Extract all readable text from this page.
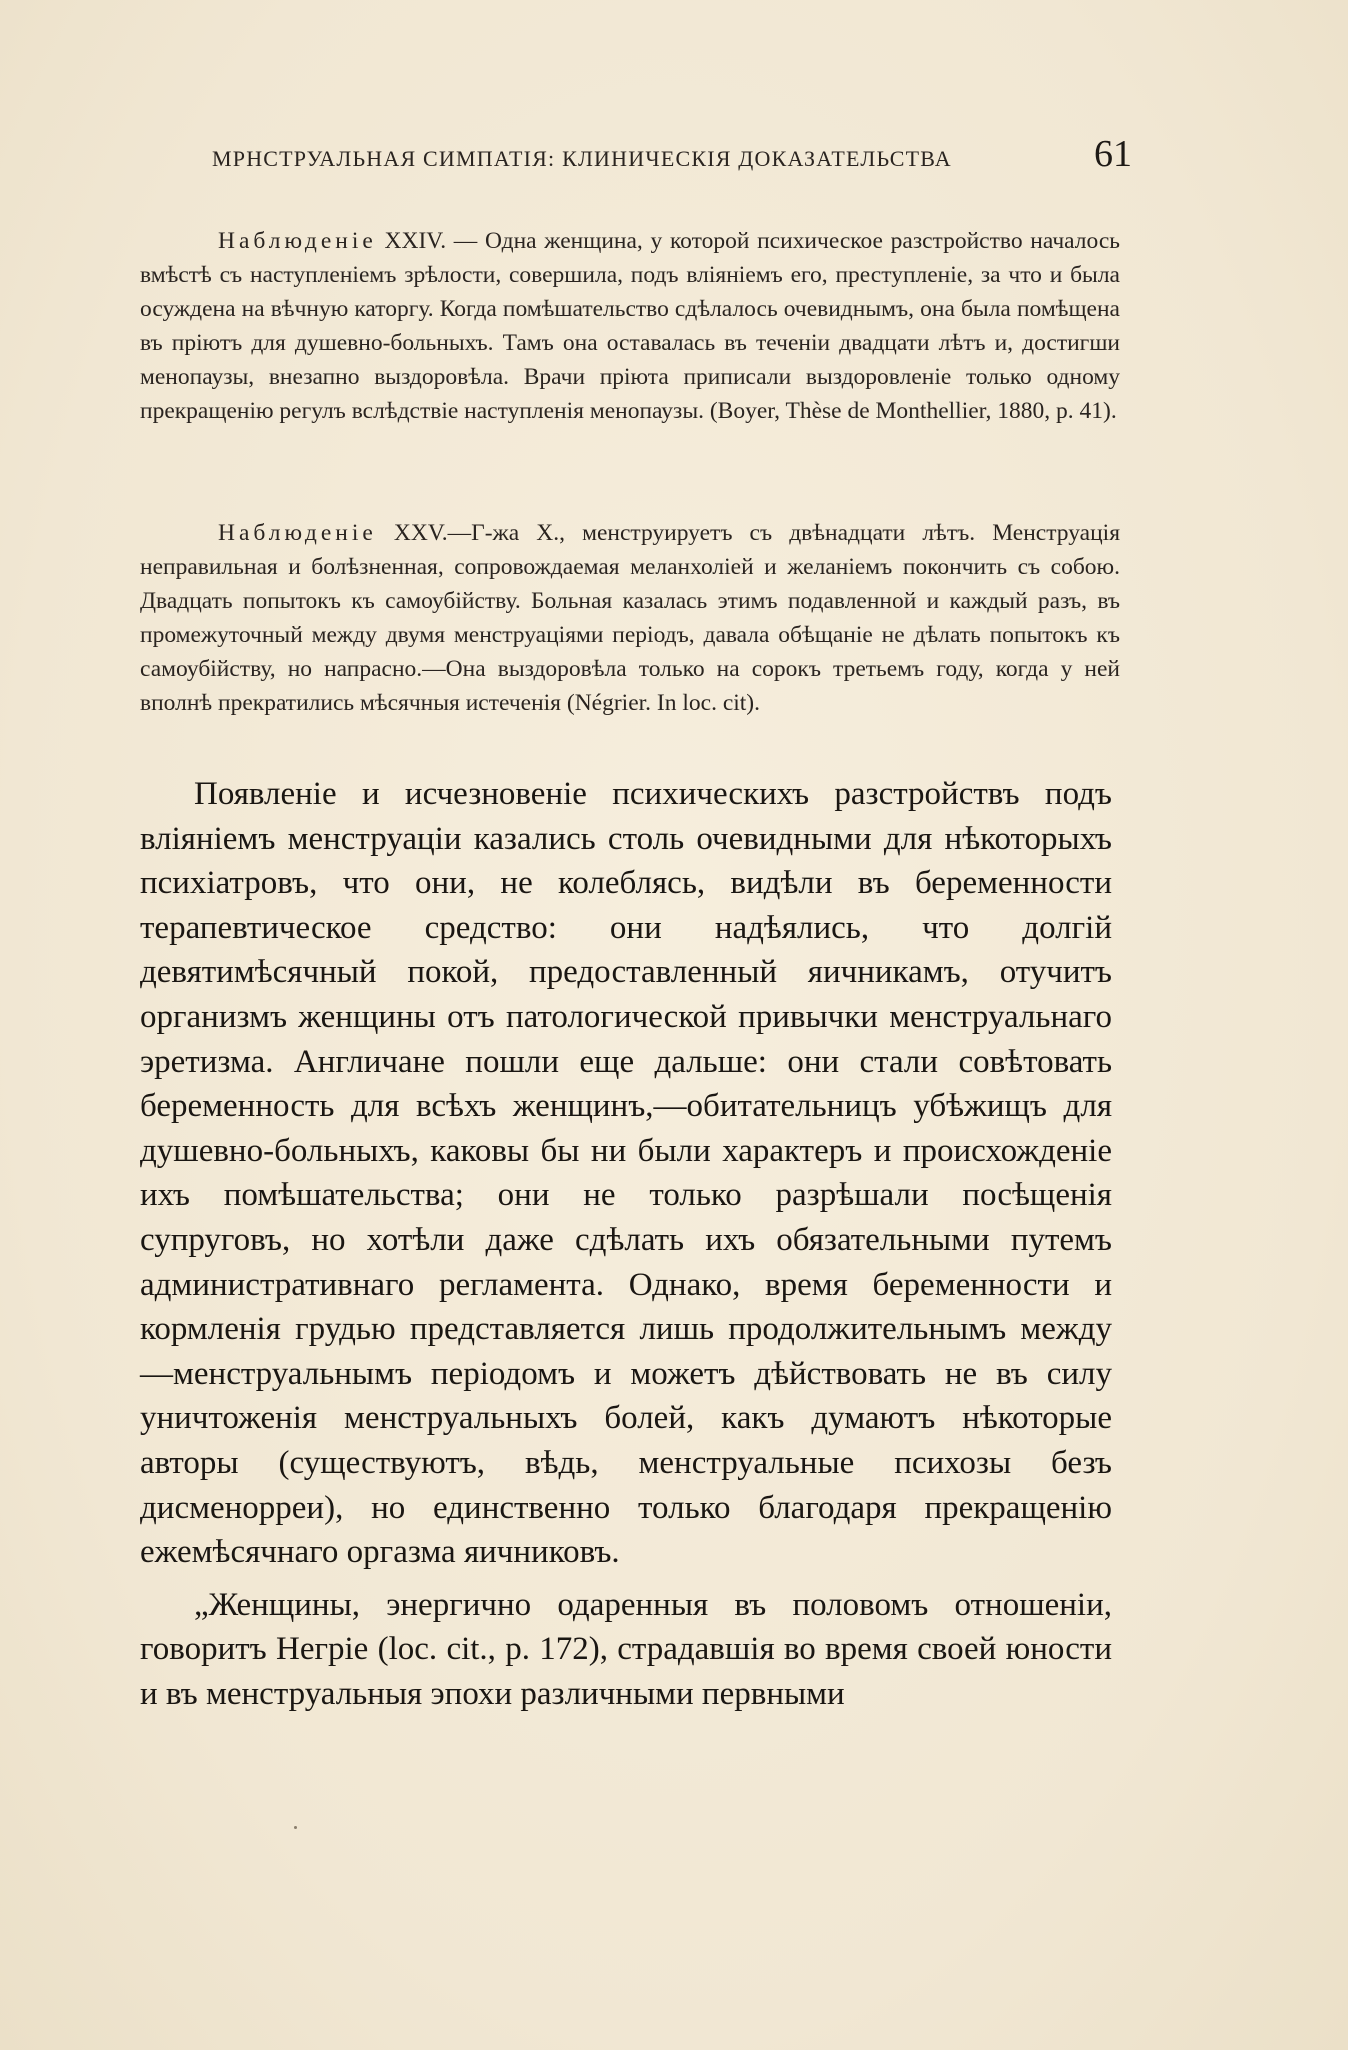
МРНСТРУАЛЬНАЯ СИМПАТІЯ: КЛИНИЧЕСКІЯ ДОКАЗАТЕЛЬСТВА	61

Наблюденіе XXIV. — Одна женщина, у которой психическое разстройство началось вмѣстѣ съ наступленіемъ зрѣлости, совершила, подъ вліяніемъ его, преступленіе, за что и была осуждена на вѣчную каторгу. Когда помѣшательство сдѣлалось очевиднымъ, она была помѣщена въ пріютъ для душевно-больныхъ. Тамъ она оставалась въ теченіи двадцати лѣтъ и, достигши менопаузы, внезапно выздоровѣла. Врачи пріюта приписали выздоровленіе только одному прекращенію регулъ вслѣдствіе наступленія менопаузы. (Boyer, Thèse de Monthellier, 1880, p. 41).

Наблюденіе XXV.—Г-жа X., менструируетъ съ двѣнадцати лѣтъ. Менструація неправильная и болѣзненная, сопровождаемая меланхоліей и желаніемъ покончить съ собою. Двадцать попытокъ къ самоубійству. Больная казалась этимъ подавленной и каждый разъ, въ промежуточный между двумя менструаціями періодъ, давала обѣщаніе не дѣлать попытокъ къ самоубійству, но напрасно.—Она выздоровѣла только на сорокъ третьемъ году, когда у ней вполнѣ прекратились мѣсячныя истеченія (Négrier. In loc. cit).

Появленіе и исчезновеніе психическихъ разстройствъ подъ вліяніемъ менструаціи казались столь очевидными для нѣкоторыхъ психіатровъ, что они, не колеблясь, видѣли въ беременности терапевтическое средство: они надѣялись, что долгій девятимѣсячный покой, предоставленный яичникамъ, отучитъ организмъ женщины отъ патологической привычки менструальнаго эретизма. Англичане пошли еще дальше: они стали совѣтовать беременность для всѣхъ женщинъ,—обитательницъ убѣжищъ для душевно-больныхъ, каковы бы ни были характеръ и происхожденіе ихъ помѣшательства; они не только разрѣшали посѣщенія супруговъ, но хотѣли даже сдѣлать ихъ обязательными путемъ административнаго регламента. Однако, время беременности и кормленія грудью представляется лишь продолжительнымъ между—менструальнымъ періодомъ и можетъ дѣйствовать не въ силу уничтоженія менструальныхъ болей, какъ думаютъ нѣкоторые авторы (существуютъ, вѣдь, менструальные психозы безъ дисменорреи), но единственно только благодаря прекращенію ежемѣсячнаго оргазма яичниковъ.

„Женщины, энергично одаренныя въ половомъ отношеніи, говоритъ Негріе (loc. cit., p. 172), страдавшія во время своей юности и въ менструальныя эпохи различными первными
